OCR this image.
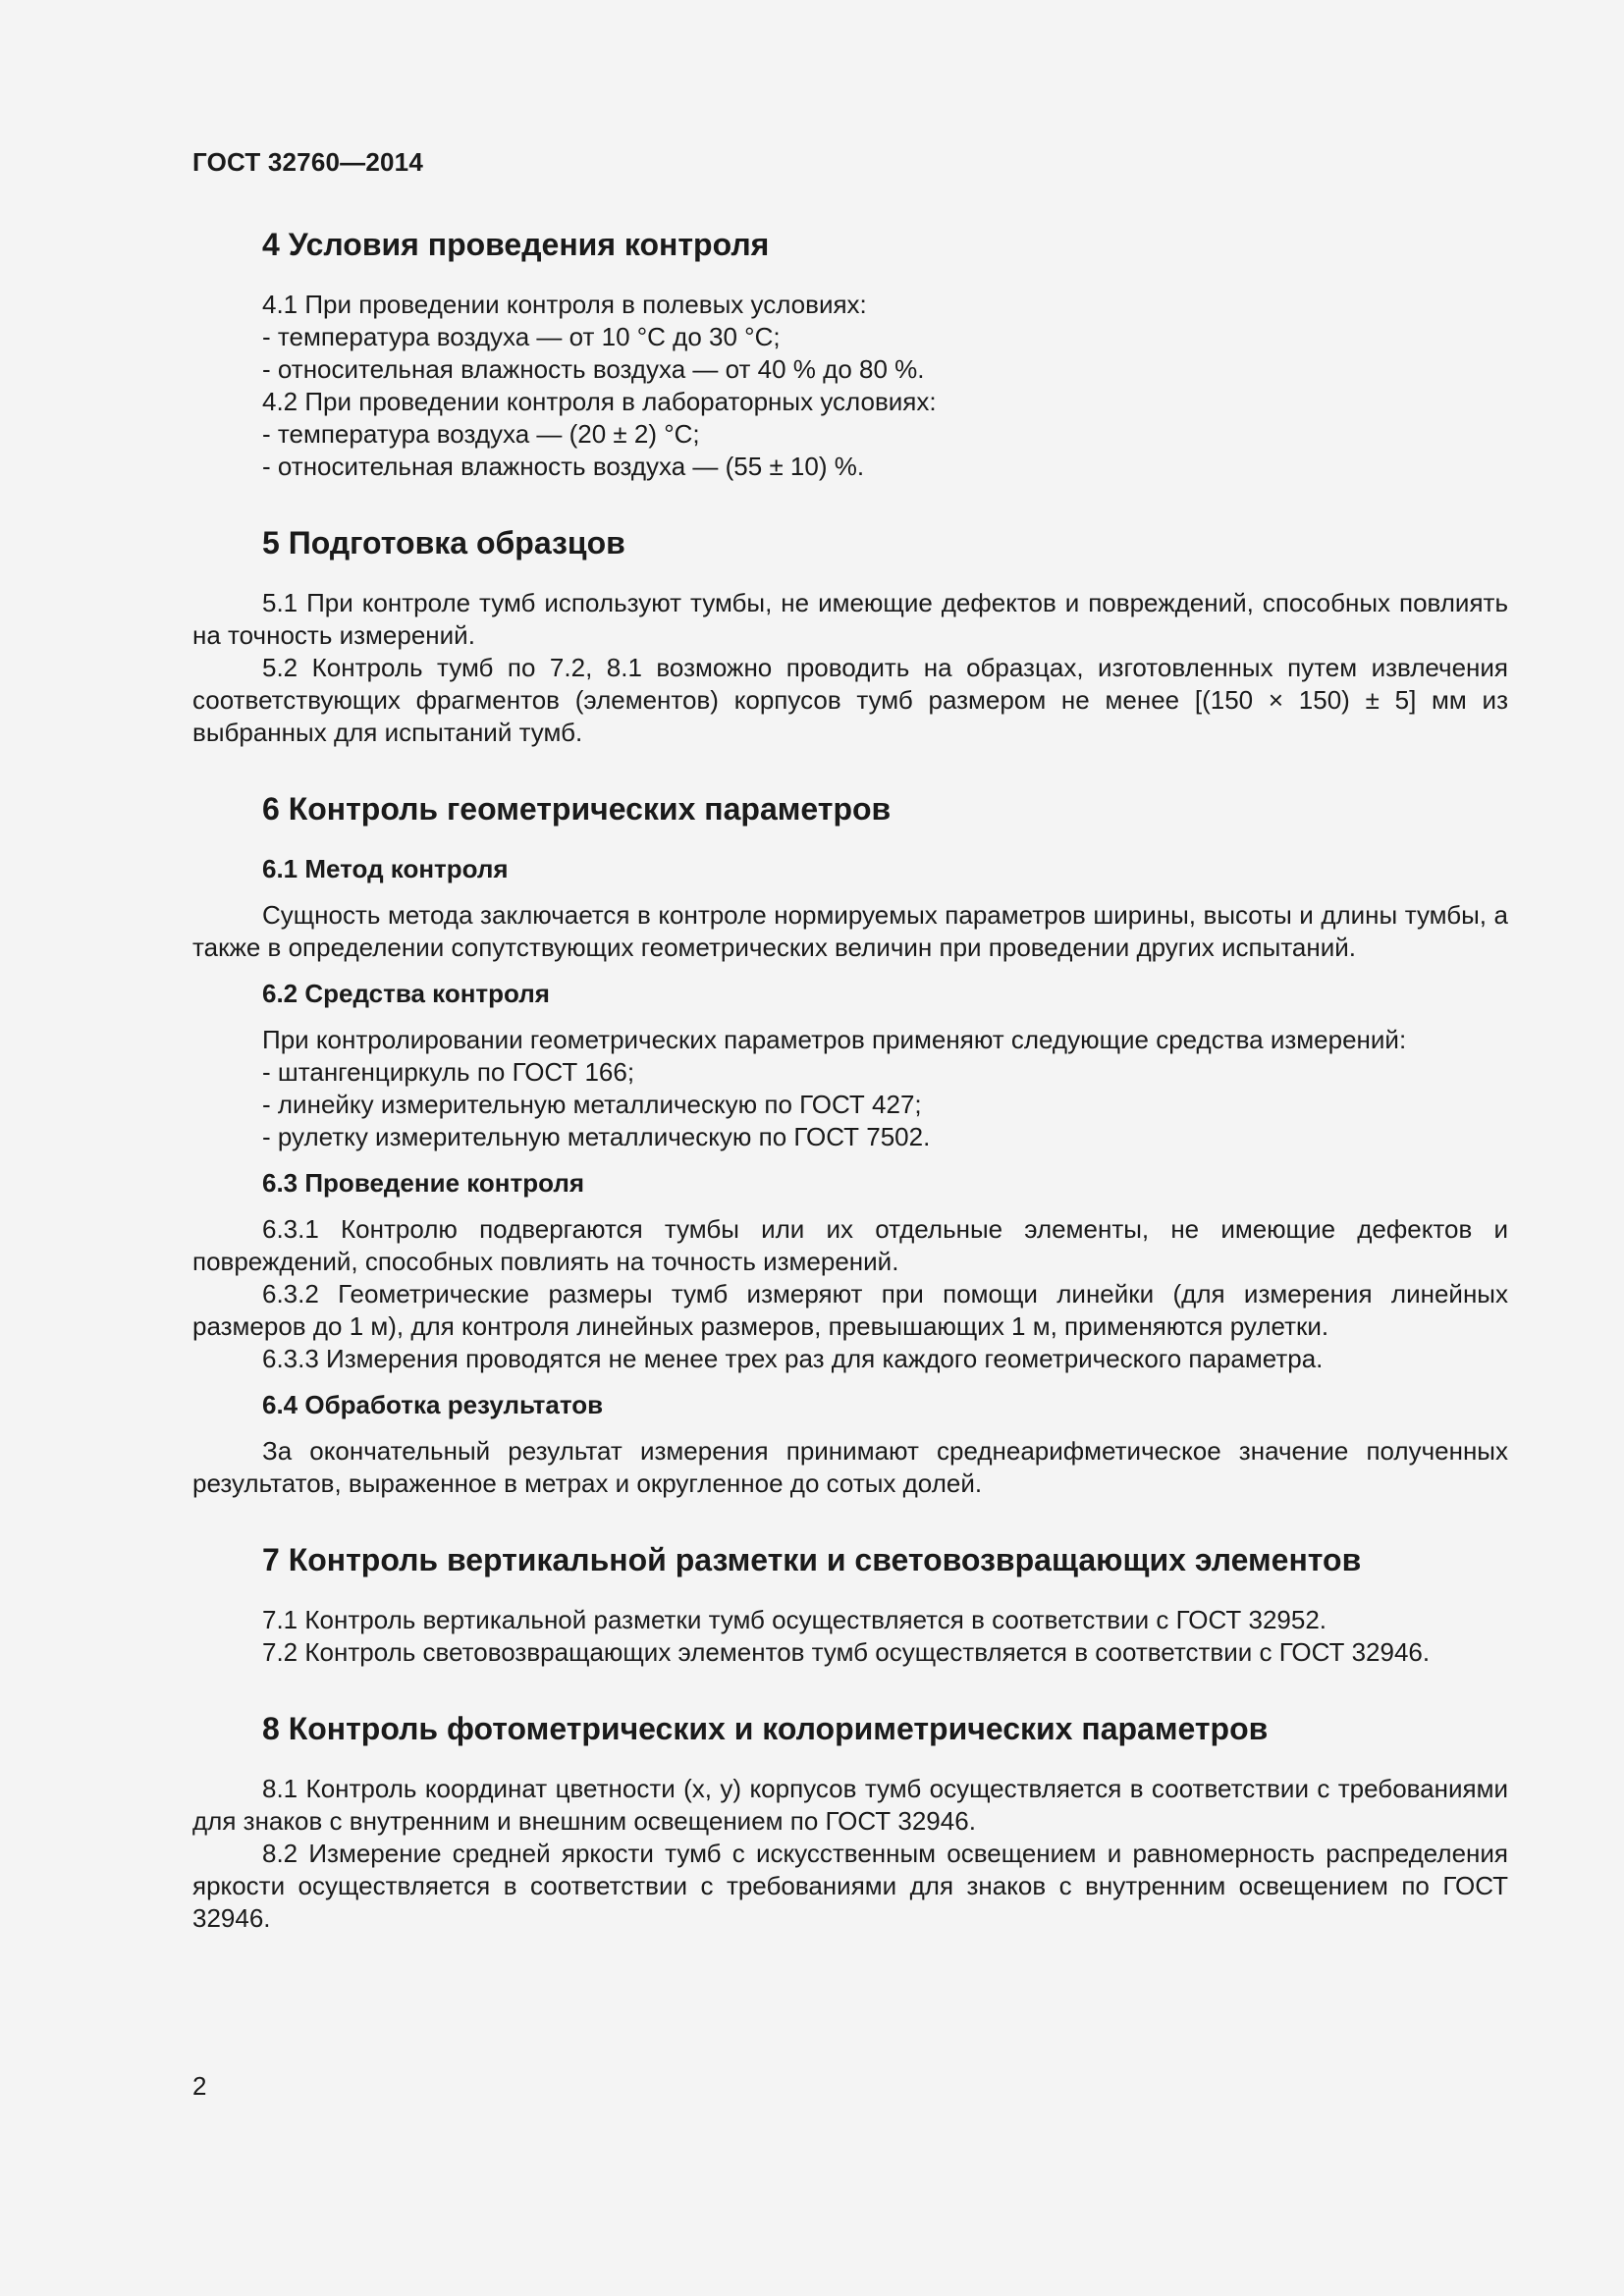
ГОСТ 32760—2014
4 Условия проведения контроля

4.1 При проведении контроля в полевых условиях:

- температура воздуха — от 10 °С до 30 °С;
- относительная влажность воздуха — от 40 % до 80 %.

4.2 При проведении контроля в лабораторных условиях:

- температура воздуха — (20 ± 2) °С;
- относительная влажность воздуха — (55 ± 10) %.
5 Подготовка образцов

5.1 При контроле тумб используют тумбы, не имеющие дефектов и повреждений, способных повлиять на точность измерений.

5.2 Контроль тумб по 7.2, 8.1 возможно проводить на образцах, изготовленных путем извлечения соответствующих фрагментов (элементов) корпусов тумб размером не менее [(150 × 150) ± 5] мм из выбранных для испытаний тумб.

6 Контроль геометрических параметров
6.1 Метод контроля

Сущность метода заключается в контроле нормируемых параметров ширины, высоты и длины тумбы, а также в определении сопутствующих геометрических величин при проведении других испытаний.

6.2 Средства контроля

При контролировании геометрических параметров применяют следующие средства измерений:

- штангенциркуль по ГОСТ 166;
- линейку измерительную металлическую по ГОСТ 427;
- рулетку измерительную металлическую по ГОСТ 7502.
6.3 Проведение контроля

6.3.1 Контролю подвергаются тумбы или их отдельные элементы, не имеющие дефектов и повреждений, способных повлиять на точность измерений.

6.3.2 Геометрические размеры тумб измеряют при помощи линейки (для измерения линейных размеров до 1 м), для контроля линейных размеров, превышающих 1 м, применяются рулетки.

6.3.3 Измерения проводятся не менее трех раз для каждого геометрического параметра.

6.4 Обработка результатов

За окончательный результат измерения принимают среднеарифметическое значение полученных результатов, выраженное в метрах и округленное до сотых долей.

7 Контроль вертикальной разметки и световозвращающих элементов

7.1 Контроль вертикальной разметки тумб осуществляется в соответствии с ГОСТ 32952.

7.2 Контроль световозвращающих элементов тумб осуществляется в соответствии с ГОСТ 32946.

8 Контроль фотометрических и колориметрических параметров

8.1 Контроль координат цветности (x, y) корпусов тумб осуществляется в соответствии с требованиями для знаков с внутренним и внешним освещением по ГОСТ 32946.

8.2 Измерение средней яркости тумб с искусственным освещением и равномерность распределения яркости осуществляется в соответствии с требованиями для знаков с внутренним освещением по ГОСТ 32946.

2
